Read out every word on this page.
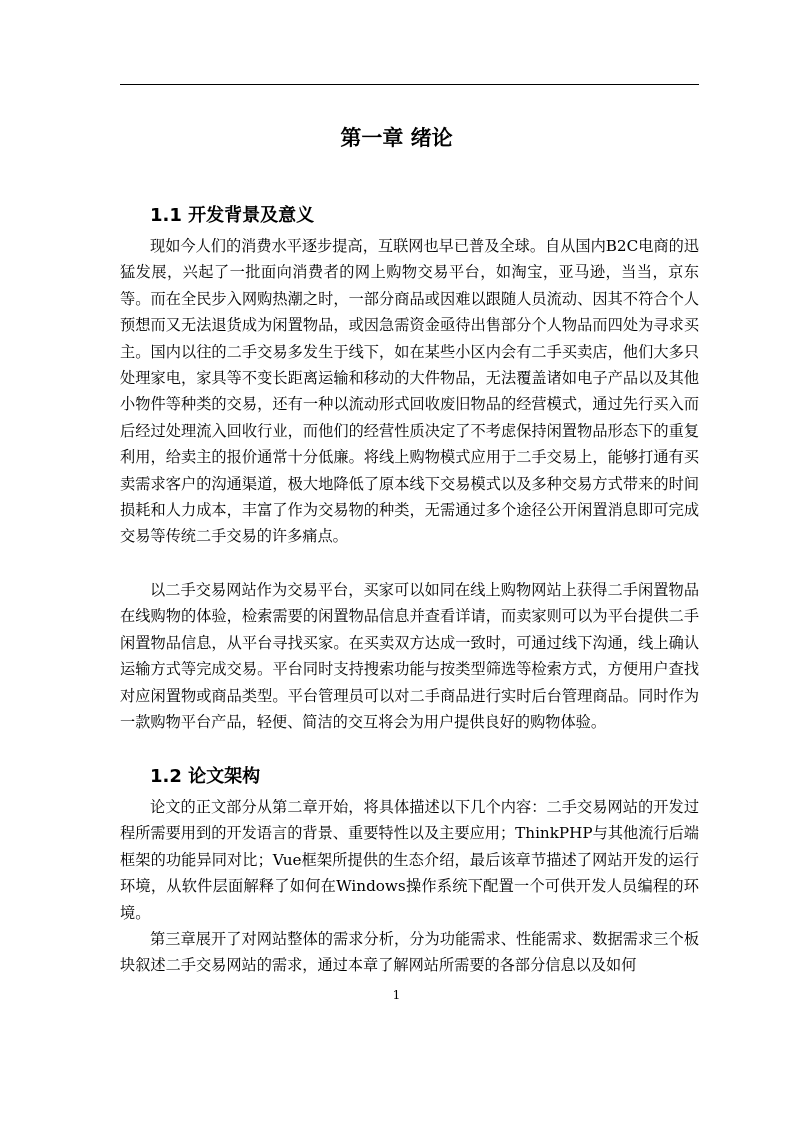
第一章 绪论
1.1 开发背景及意义

现如今人们的消费水平逐步提高，互联网也早已普及全球。自从国内B2C电商的迅猛发展，兴起了一批面向消费者的网上购物交易平台，如淘宝，亚马逊，当当，京东等。而在全民步入网购热潮之时，一部分商品或因难以跟随人员流动、因其不符合个人预想而又无法退货成为闲置物品，或因急需资金亟待出售部分个人物品而四处为寻求买主。国内以往的二手交易多发生于线下，如在某些小区内会有二手买卖店，他们大多只处理家电，家具等不变长距离运输和移动的大件物品，无法覆盖诸如电子产品以及其他小物件等种类的交易，还有一种以流动形式回收废旧物品的经营模式，通过先行买入而后经过处理流入回收行业，而他们的经营性质决定了不考虑保持闲置物品形态下的重复利用，给卖主的报价通常十分低廉。将线上购物模式应用于二手交易上，能够打通有买卖需求客户的沟通渠道，极大地降低了原本线下交易模式以及多种交易方式带来的时间损耗和人力成本，丰富了作为交易物的种类，无需通过多个途径公开闲置消息即可完成交易等传统二手交易的许多痛点。

以二手交易网站作为交易平台，买家可以如同在线上购物网站上获得二手闲置物品在线购物的体验，检索需要的闲置物品信息并查看详请，而卖家则可以为平台提供二手闲置物品信息，从平台寻找买家。在买卖双方达成一致时，可通过线下沟通，线上确认运输方式等完成交易。平台同时支持搜索功能与按类型筛选等检索方式，方便用户查找对应闲置物或商品类型。平台管理员可以对二手商品进行实时后台管理商品。同时作为一款购物平台产品，轻便、简洁的交互将会为用户提供良好的购物体验。

1.2 论文架构

论文的正文部分从第二章开始，将具体描述以下几个内容：二手交易网站的开发过程所需要用到的开发语言的背景、重要特性以及主要应用；ThinkPHP与其他流行后端框架的功能异同对比；Vue框架所提供的生态介绍，最后该章节描述了网站开发的运行环境，从软件层面解释了如何在Windows操作系统下配置一个可供开发人员编程的环境。

第三章展开了对网站整体的需求分析，分为功能需求、性能需求、数据需求三个板块叙述二手交易网站的需求，通过本章了解网站所需要的各部分信息以及如何

1
